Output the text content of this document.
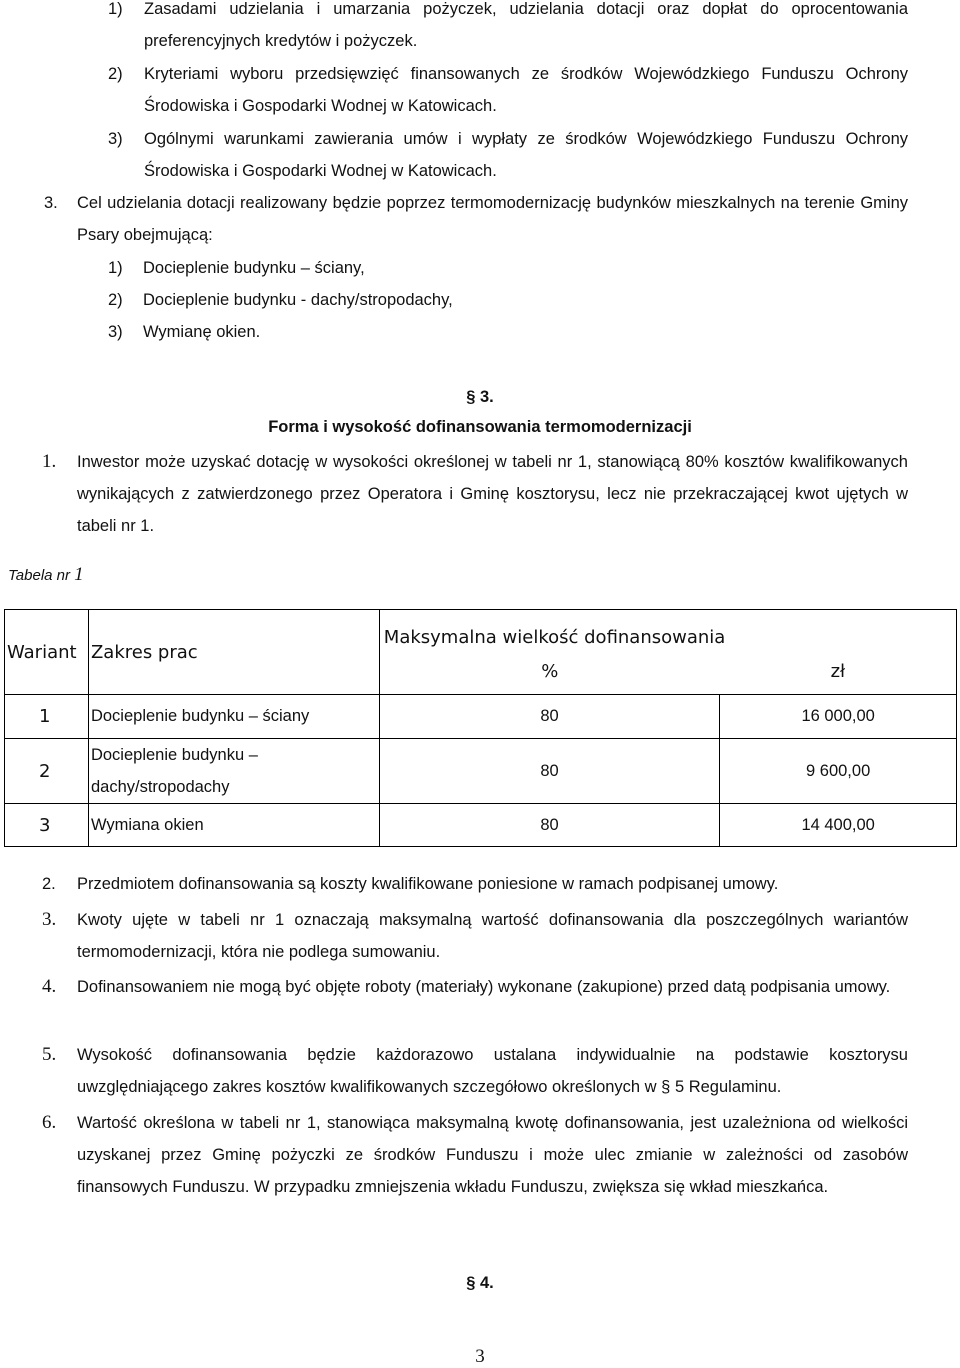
1) Zasadami udzielania i umarzania pożyczek, udzielania dotacji oraz dopłat do oprocentowania preferencyjnych kredytów i pożyczek.
2) Kryteriami wyboru przedsięwzięć finansowanych ze środków Wojewódzkiego Funduszu Ochrony Środowiska i Gospodarki Wodnej w Katowicach.
3) Ogólnymi warunkami zawierania umów i wypłaty ze środków Wojewódzkiego Funduszu Ochrony Środowiska i Gospodarki Wodnej w Katowicach.
3. Cel udzielania dotacji realizowany będzie poprzez termomodernizację budynków mieszkalnych na terenie Gminy Psary obejmującą:
1) Docieplenie budynku – ściany,
2) Docieplenie budynku - dachy/stropodachy,
3) Wymianę okien.
§ 3.
Forma i wysokość dofinansowania termomodernizacji
1. Inwestor może uzyskać dotację w wysokości określonej w tabeli nr 1, stanowiącą 80% kosztów kwalifikowanych wynikających z zatwierdzonego przez Operatora i Gminę kosztorysu, lecz nie przekraczającej kwot ujętych w tabeli nr 1.
Tabela nr 1
Wariant	Zakres prac	Maksymalna wielkość dofinansowania	
		%	zł
1	Docieplenie budynku – ściany	80	16 000,00
2	Docieplenie budynku – dachy/stropodachy	80	9 600,00
3	Wymiana okien	80	14 400,00
2. Przedmiotem dofinansowania są koszty kwalifikowane poniesione w ramach podpisanej umowy.
3. Kwoty ujęte w tabeli nr 1 oznaczają maksymalną wartość dofinansowania dla poszczególnych wariantów termomodernizacji, która nie podlega sumowaniu.
4. Dofinansowaniem nie mogą być objęte roboty (materiały) wykonane (zakupione) przed datą podpisania umowy.
5. Wysokość dofinansowania będzie każdorazowo ustalana indywidualnie na podstawie kosztorysu uwzględniającego zakres kosztów kwalifikowanych szczegółowo określonych w § 5 Regulaminu.
6. Wartość określona w tabeli nr 1, stanowiąca maksymalną kwotę dofinansowania, jest uzależniona od wielkości uzyskanej przez Gminę pożyczki ze środków Funduszu i może ulec zmianie w zależności od zasobów finansowych Funduszu. W przypadku zmniejszenia wkładu Funduszu, zwiększa się wkład mieszkańca.
§ 4.
3
